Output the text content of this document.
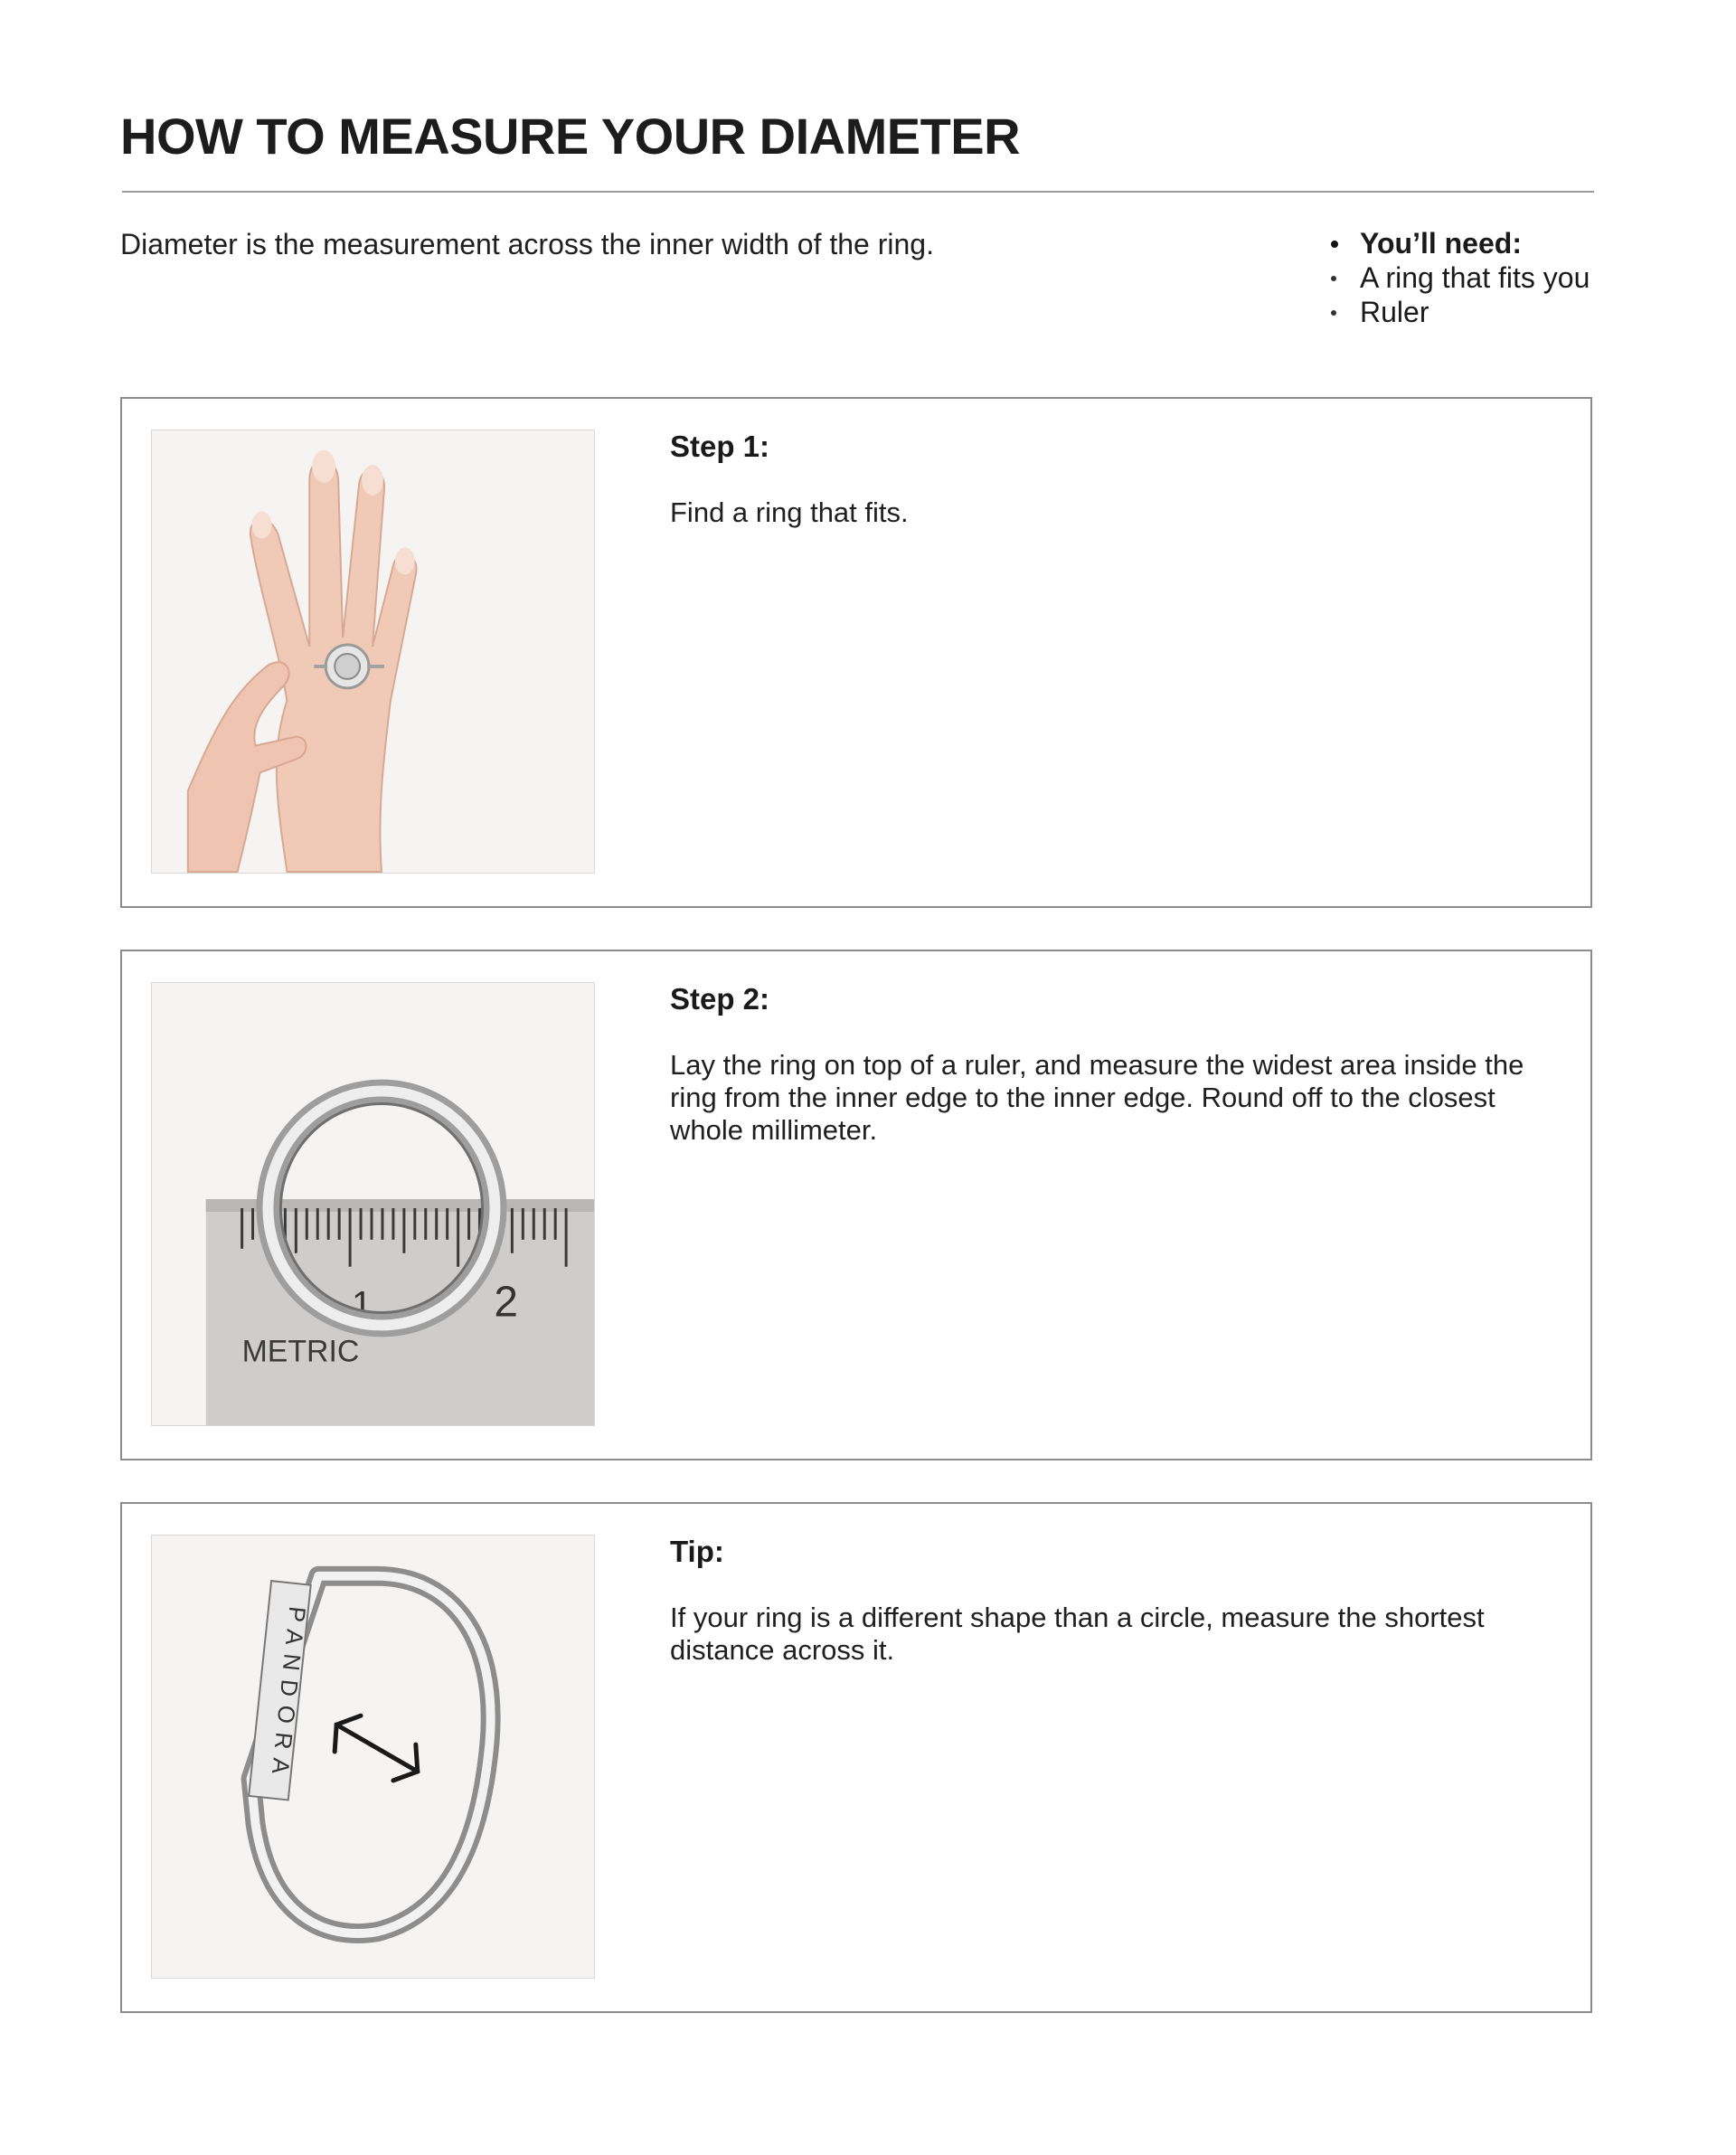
HOW TO MEASURE YOUR DIAMETER
Diameter is the measurement across the inner width of the ring.	You’ll need:
A ring that fits you
Ruler
Step 1:

Find a ring that fits.

1	2
METRIC
Step 2:

Lay the ring on top of a ruler, and measure the widest area inside the ring from the inner edge to the inner edge. Round off to the closest whole millimeter.

PANDORA
Tip:

If your ring is a different shape than a circle, measure the shortest distance across it.
